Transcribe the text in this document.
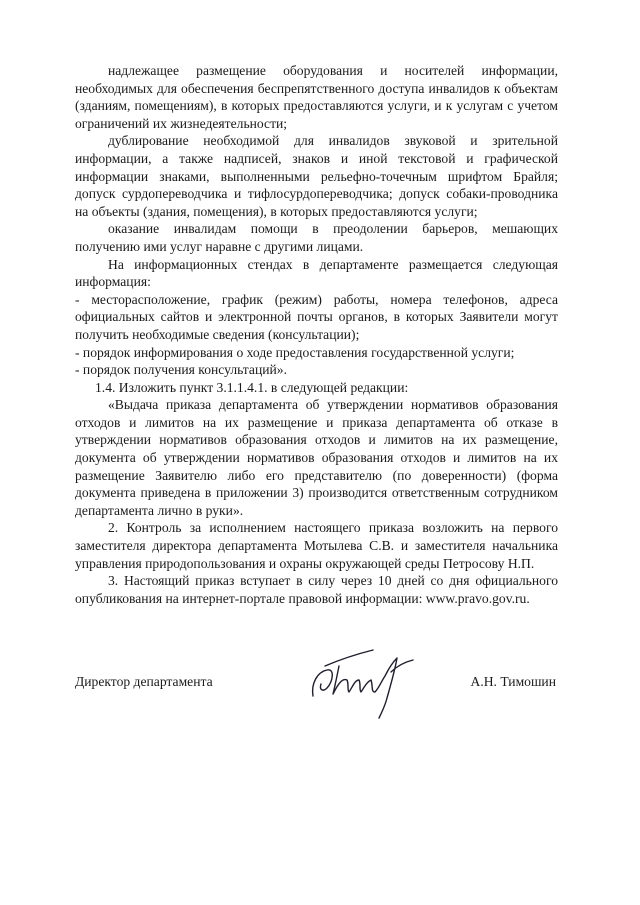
надлежащее размещение оборудования и носителей информации, необходимых для обеспечения беспрепятственного доступа инвалидов к объектам (зданиям, помещениям), в которых предоставляются услуги, и к услугам с учетом ограничений их жизнедеятельности;

дублирование необходимой для инвалидов звуковой и зрительной информации, а также надписей, знаков и иной текстовой и графической информации знаками, выполненными рельефно-точечным шрифтом Брайля; допуск сурдопереводчика и тифлосурдопереводчика; допуск собаки-проводника на объекты (здания, помещения), в которых предоставляются услуги;

оказание инвалидам помощи в преодолении барьеров, мешающих получению ими услуг наравне с другими лицами.

На информационных стендах в департаменте размещается следующая информация:

- месторасположение, график (режим) работы, номера телефонов, адреса официальных сайтов и электронной почты органов, в которых Заявители могут получить необходимые сведения (консультации);

- порядок информирования о ходе предоставления государственной услуги;

- порядок получения консультаций».

1.4. Изложить пункт 3.1.1.4.1. в следующей редакции:

«Выдача приказа департамента об утверждении нормативов образования отходов и лимитов на их размещение и приказа департамента об отказе в утверждении нормативов образования отходов и лимитов на их размещение, документа об утверждении нормативов образования отходов и лимитов на их размещение Заявителю либо его представителю (по доверенности) (форма документа приведена в приложении 3) производится ответственным сотрудником департамента лично в руки».

2. Контроль за исполнением настоящего приказа возложить на первого заместителя директора департамента Мотылева С.В. и заместителя начальника управления природопользования и охраны окружающей среды Петросову Н.П.

3. Настоящий приказ вступает в силу через 10 дней со дня официального опубликования на интернет-портале правовой информации: www.pravo.gov.ru.

Директор департамента	А.Н. Тимошин
